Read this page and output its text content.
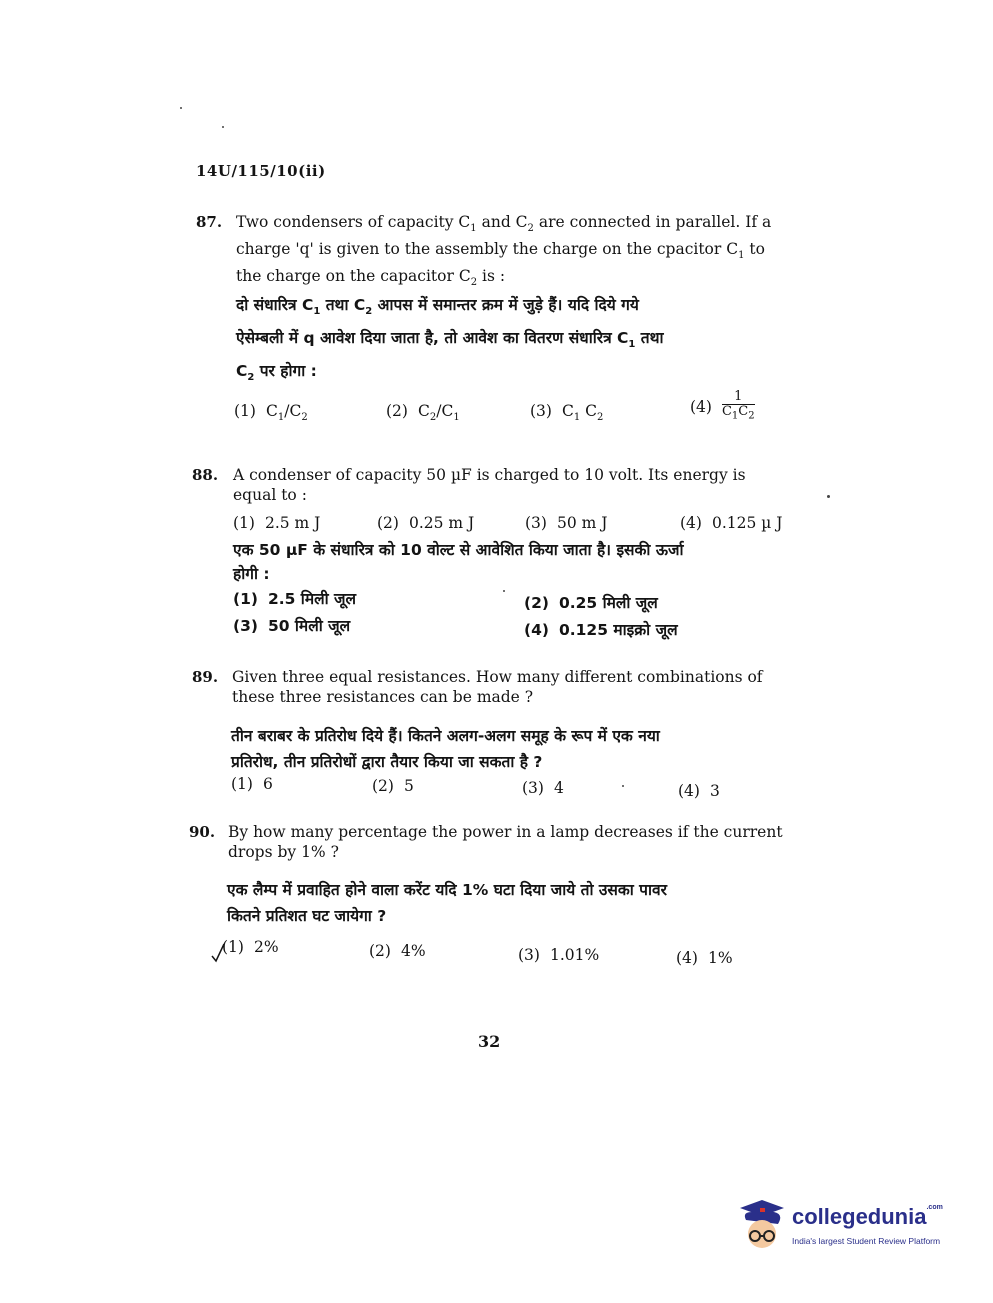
14U/115/10(ii)
87. Two condensers of capacity $C_1$ and $C_2$ are connected in parallel. If a
charge 'q' is given to the assembly the charge on the cpacitor $C_1$ to
the charge on the capacitor $C_2$ is :
दो संधारित्र $C_1$ तथा $C_2$ आपस में समान्तर क्रम में जुड़े हैं। यदि दिये गये
ऐसेम्बली में q आवेश दिया जाता है, तो आवेश का वितरण संधारित्र $C_1$ तथा
$C_2$ पर होगा :
(1) $C_1/C_2$	(2) $C_2/C_1$	(3) $C_1$ $C_2$
$(4) \frac{1}{C_1C_2}$
88. A condenser of capacity 50 µF is charged to 10 volt. Its energy is
equal to :
(1) 2.5 m J	(2) 0.25 m J	(3) 50 m J	(4) 0.125 µ J
एक 50 µF के संधारित्र को 10 वोल्ट से आवेशित किया जाता है। इसकी ऊर्जा
होगी :
(1) 2.5 मिली जूल	(2) 0.25 मिली जूल
(3) 50 मिली जूल	(4) 0.125 माइक्रो जूल
89. Given three equal resistances. How many different combinations of
these three resistances can be made ?
तीन बराबर के प्रतिरोध दिये हैं। कितने अलग-अलग समूह के रूप में एक नया
प्रतिरोध, तीन प्रतिरोधों द्वारा तैयार किया जा सकता है ?
(1) 6	(2) 5	(3) 4	(4) 3
90. By how many percentage the power in a lamp decreases if the current
drops by 1% ?
एक लैम्प में प्रवाहित होने वाला करेंट यदि 1% घटा दिया जाये तो उसका पावर
कितने प्रतिशत घट जायेगा ?
(1) 2%	(2) 4%	(3) 1.01%	(4) 1%
32
collegedunia$^{.com}$
India's largest Student Review Platform
